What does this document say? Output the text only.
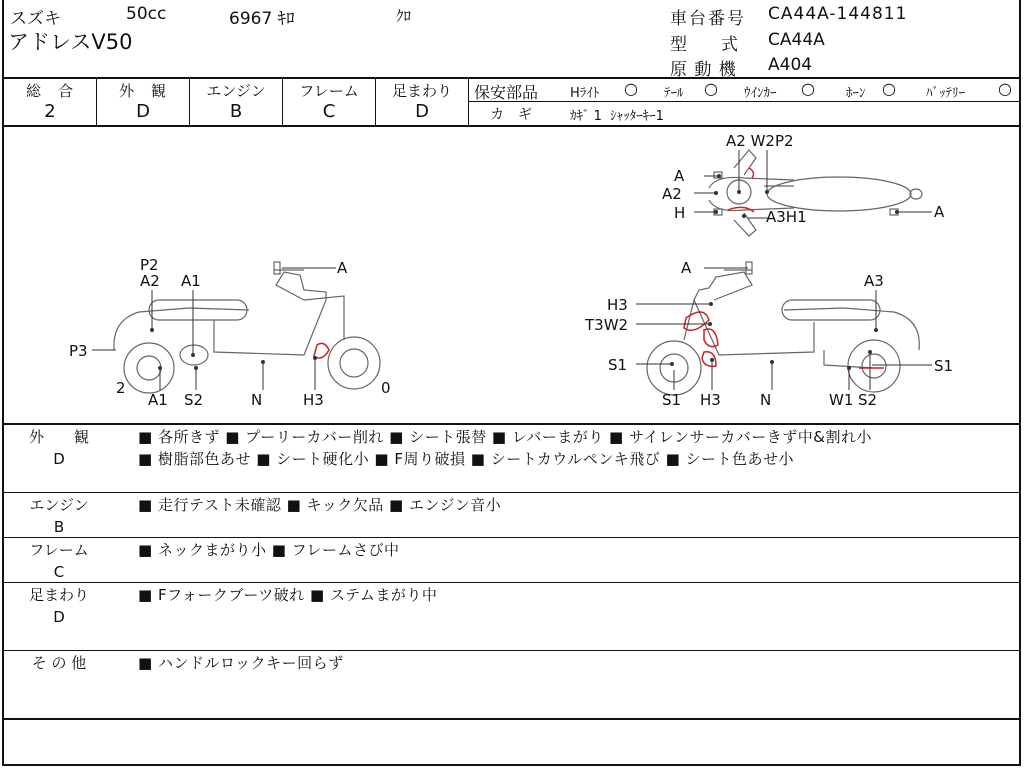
スズキ	50cc	6967 ｷﾛ	ｸﾛ
アドレスV50
車台番号 CA44A-144811
型　　式 CA44A
原 動 機 A404
総　合
2
外　観
D
エンジン
B
フレーム
C
足まわり
D
保安部品 Hﾗｲﾄ ○ ﾃｰﾙ ○ ｳｲﾝｶｰ ○ ﾎｰﾝ ○ ﾊﾞｯﾃﾘｰ ○
カ　ギ	ｶｷﾞ 1  ｼｬｯﾀｰｷｰ1
A2 W2P2
A
A2
H	A3H1	A
P2
A2 A1
A
P3
2
A1 S2	N	H3
0
A
A3
H3
T3W2
S1	S1
S1 H3	N	W1 S2
外　　観
D
■ 各所きず ■ プーリーカバー削れ ■ シート張替 ■ レバーまがり ■ サイレンサーカバーきず中&割れ小
■ 樹脂部色あせ ■ シート硬化小 ■ F周り破損 ■ シートカウルペンキ飛び ■ シート色あせ小
エンジン
B
■ 走行テスト未確認 ■ キック欠品 ■ エンジン音小
フレーム
C
■ ネックまがり小 ■ フレームさび中
足まわり
D
■ Fフォークブーツ破れ ■ ステムまがり中
そ の 他	■ ハンドルロックキー回らず
